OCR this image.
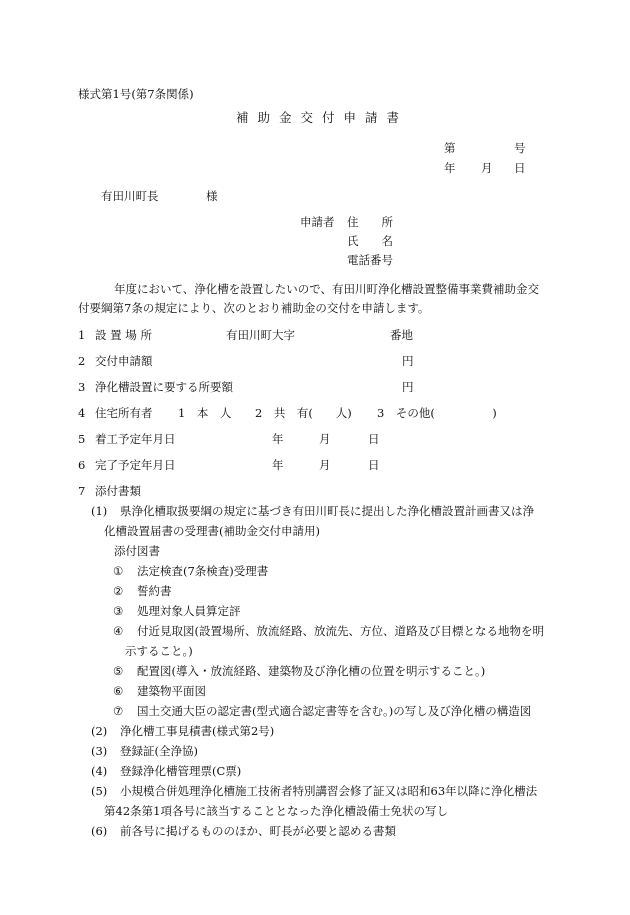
様式第1号(第7条関係)
補助金交付申請書
第	号
年 月 日
有田川町長	様
申請者 住　　所
氏　　名
電話番号
年度において、浄化槽を設置したいので、有田川町浄化槽設置整備事業費補助金交
付要綱第7条の規定により、次のとおり補助金の交付を申請します。
1 設 置 場 所	有田川町大字	番地
2 交付申請額	円
3 浄化槽設置に要する所要額	円
4 住宅所有者 1　本　人 2　共　有(　　人) 3　その他(　　　　　)
5 着工予定年月日	年	月	日
6 完了予定年月日	年	月	日
7 添付書類
(1) 県浄化槽取扱要綱の規定に基づき有田川町長に提出した浄化槽設置計画書又は浄
化槽設置届書の受理書(補助金交付申請用)
添付図書
① 法定検査(7条検査)受理書
② 誓約書
③ 処理対象人員算定評
④ 付近見取図(設置場所、放流経路、放流先、方位、道路及び目標となる地物を明
示すること。)
⑤ 配置図(導入・放流経路、建築物及び浄化槽の位置を明示すること。)
⑥ 建築物平面図
⑦ 国土交通大臣の認定書(型式適合認定書等を含む。)の写し及び浄化槽の構造図
(2) 浄化槽工事見積書(様式第2号)
(3) 登録証(全浄協)
(4) 登録浄化槽管理票(C票)
(5) 小規模合併処理浄化槽施工技術者特別講習会修了証又は昭和63年以降に浄化槽法
第42条第1項各号に該当することとなった浄化槽設備士免状の写し
(6) 前各号に掲げるもののほか、町長が必要と認める書類
